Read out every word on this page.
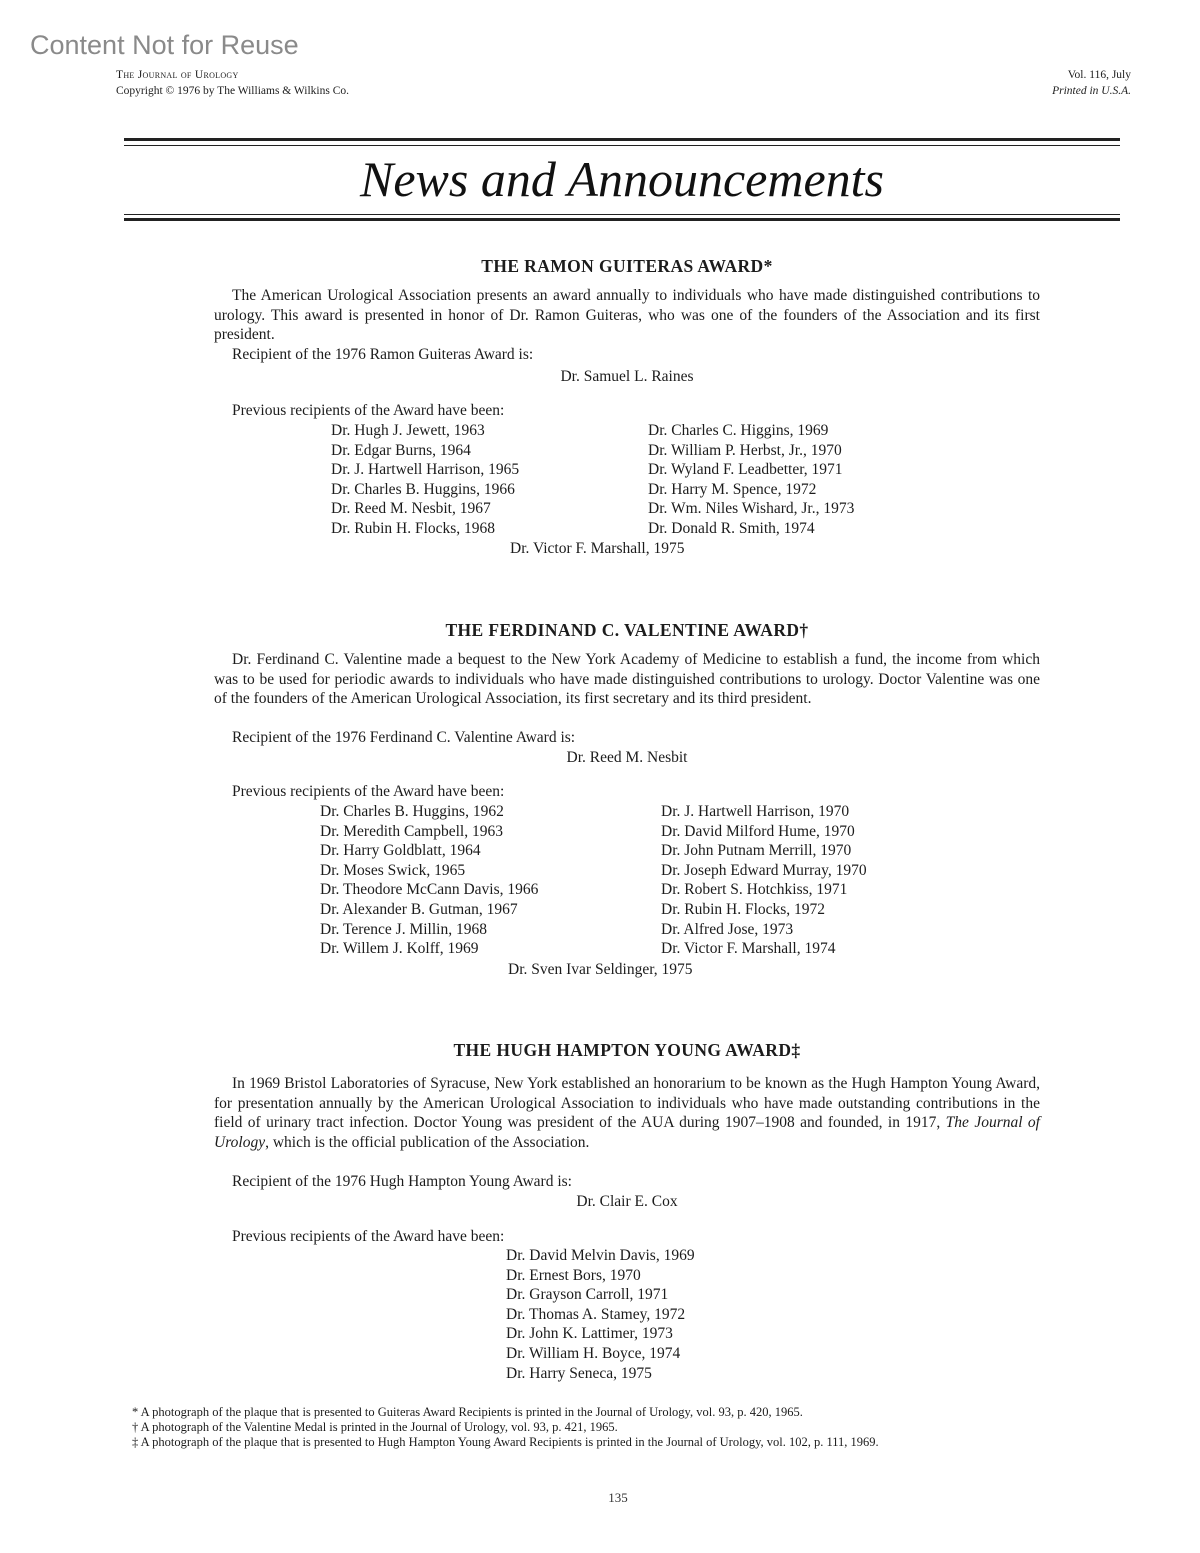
Content Not for Reuse
The Journal of Urology
Copyright © 1976 by The Williams & Wilkins Co.
Vol. 116, July
Printed in U.S.A.
News and Announcements
THE RAMON GUITERAS AWARD*

The American Urological Association presents an award annually to individuals who have made distinguished contributions to urology. This award is presented in honor of Dr. Ramon Guiteras, who was one of the founders of the Association and its first president.

Recipient of the 1976 Ramon Guiteras Award is:
Dr. Samuel L. Raines
Previous recipients of the Award have been:
Dr. Hugh J. Jewett, 1963
Dr. Edgar Burns, 1964
Dr. J. Hartwell Harrison, 1965
Dr. Charles B. Huggins, 1966
Dr. Reed M. Nesbit, 1967
Dr. Rubin H. Flocks, 1968
Dr. Charles C. Higgins, 1969
Dr. William P. Herbst, Jr., 1970
Dr. Wyland F. Leadbetter, 1971
Dr. Harry M. Spence, 1972
Dr. Wm. Niles Wishard, Jr., 1973
Dr. Donald R. Smith, 1974
Dr. Victor F. Marshall, 1975
THE FERDINAND C. VALENTINE AWARD†

Dr. Ferdinand C. Valentine made a bequest to the New York Academy of Medicine to establish a fund, the income from which was to be used for periodic awards to individuals who have made distinguished contributions to urology. Doctor Valentine was one of the founders of the American Urological Association, its first secretary and its third president.

Recipient of the 1976 Ferdinand C. Valentine Award is:
Dr. Reed M. Nesbit
Previous recipients of the Award have been:
Dr. Charles B. Huggins, 1962
Dr. Meredith Campbell, 1963
Dr. Harry Goldblatt, 1964
Dr. Moses Swick, 1965
Dr. Theodore McCann Davis, 1966
Dr. Alexander B. Gutman, 1967
Dr. Terence J. Millin, 1968
Dr. Willem J. Kolff, 1969
Dr. J. Hartwell Harrison, 1970
Dr. David Milford Hume, 1970
Dr. John Putnam Merrill, 1970
Dr. Joseph Edward Murray, 1970
Dr. Robert S. Hotchkiss, 1971
Dr. Rubin H. Flocks, 1972
Dr. Alfred Jose, 1973
Dr. Victor F. Marshall, 1974
Dr. Sven Ivar Seldinger, 1975
THE HUGH HAMPTON YOUNG AWARD‡

In 1969 Bristol Laboratories of Syracuse, New York established an honorarium to be known as the Hugh Hampton Young Award, for presentation annually by the American Urological Association to individuals who have made outstanding contributions in the field of urinary tract infection. Doctor Young was president of the AUA during 1907–1908 and founded, in 1917, The Journal of Urology, which is the official publication of the Association.

Recipient of the 1976 Hugh Hampton Young Award is:
Dr. Clair E. Cox
Previous recipients of the Award have been:
Dr. David Melvin Davis, 1969
Dr. Ernest Bors, 1970
Dr. Grayson Carroll, 1971
Dr. Thomas A. Stamey, 1972
Dr. John K. Lattimer, 1973
Dr. William H. Boyce, 1974
Dr. Harry Seneca, 1975

* A photograph of the plaque that is presented to Guiteras Award Recipients is printed in the Journal of Urology, vol. 93, p. 420, 1965.

† A photograph of the Valentine Medal is printed in the Journal of Urology, vol. 93, p. 421, 1965.

‡ A photograph of the plaque that is presented to Hugh Hampton Young Award Recipients is printed in the Journal of Urology, vol. 102, p. 111, 1969.

135
